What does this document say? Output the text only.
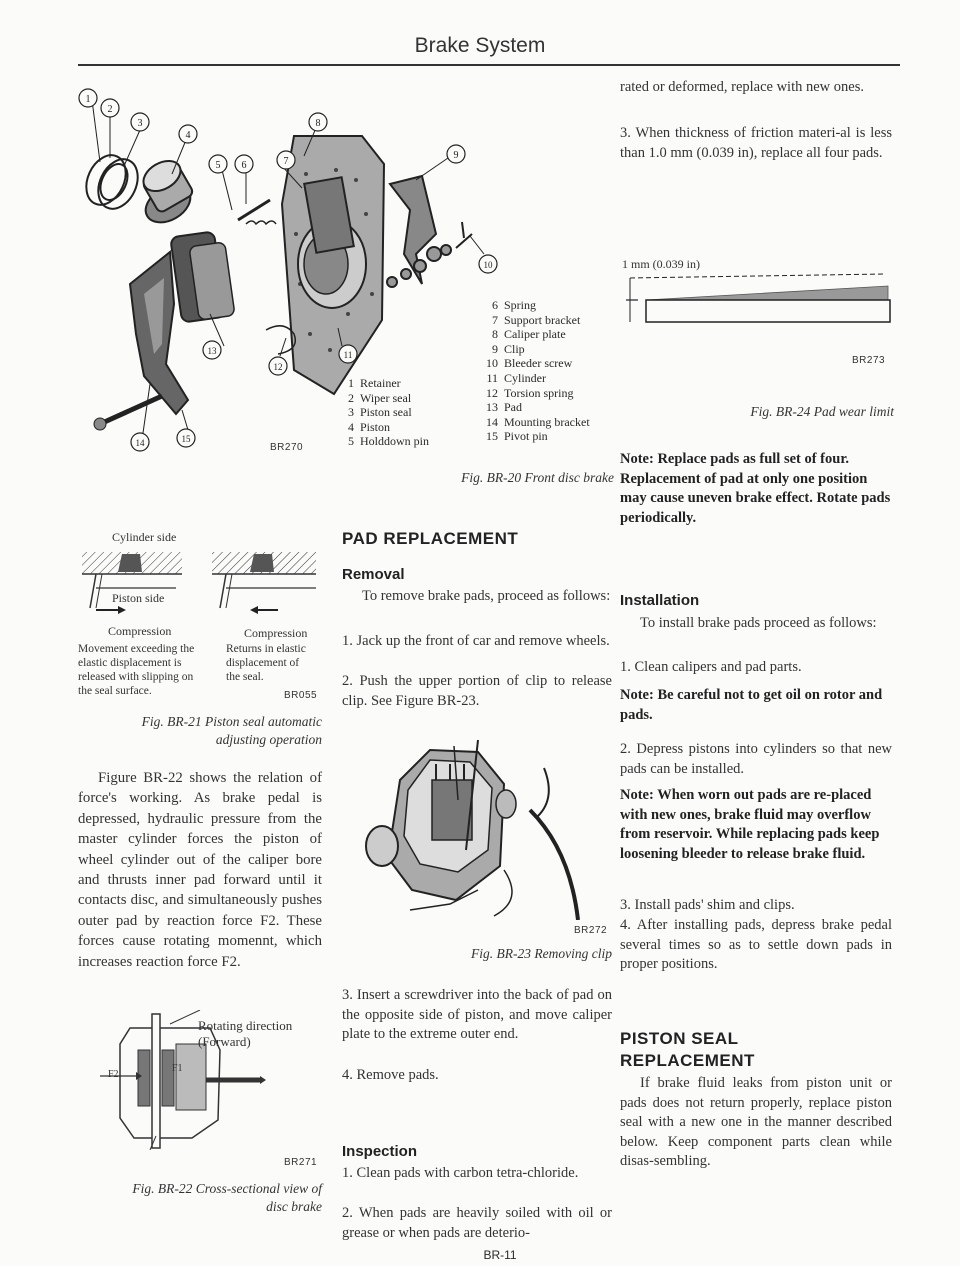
Brake System
1
2
3
4
5 6	7
8
9
10
11
12
13
14	15
BR270
1 Retainer
2 Wiper seal
3 Piston seal
4 Piston
5 Holddown pin
6 Spring
7 Support bracket
8 Caliper plate
9 Clip
10 Bleeder screw
11 Cylinder
12 Torsion spring
13 Pad
14 Mounting bracket
15 Pivot pin
Fig. BR-20 Front disc brake
Cylinder side
Piston side
Compression	Compression
Movement exceeding the
elastic displacement is
released with slipping on
the seal surface.
Returns in elastic
displacement of
the seal.
BR055
Fig. BR-21 Piston seal automatic
adjusting operation
Figure BR-22 shows the relation of force's working. As brake pedal is depressed, hydraulic pressure from the master cylinder forces the piston of wheel cylinder out of the caliper bore and thrusts inner pad forward until it contacts disc, and simultaneously pushes outer pad by reaction force F2. These forces cause rotating momennt, which increases reaction force F2.
Rotating direction
(Forward)
F2
F1
BR271
Fig. BR-22 Cross-sectional view of
disc brake
PAD REPLACEMENT
Removal
To remove brake pads, proceed as follows:
1. Jack up the front of car and remove wheels.
2. Push the upper portion of clip to release clip. See Figure BR-23.
BR272
Fig. BR-23 Removing clip
3. Insert a screwdriver into the back of pad on the opposite side of piston, and move caliper plate to the extreme outer end.
4. Remove pads.
Inspection
1. Clean pads with carbon tetra-chloride.
2. When pads are heavily soiled with oil or grease or when pads are deterio-
BR-11
rated or deformed, replace with new ones.
3. When thickness of friction materi-al is less than 1.0 mm (0.039 in), replace all four pads.
1 mm (0.039 in)
BR273
Fig. BR-24 Pad wear limit
Note: Replace pads as full set of four. Replacement of pad at only one position may cause uneven brake effect. Rotate pads periodically.
Installation
To install brake pads proceed as follows:
1. Clean calipers and pad parts.
Note: Be careful not to get oil on rotor and pads.
2. Depress pistons into cylinders so that new pads can be installed.
Note: When worn out pads are re-placed with new ones, brake fluid may overflow from reservoir. While replacing pads keep loosening bleeder to release brake fluid.
3. Install pads' shim and clips.
4. After installing pads, depress brake pedal several times so as to settle down pads in proper positions.
PISTON SEAL
REPLACEMENT
If brake fluid leaks from piston unit or pads does not return properly, replace piston seal with a new one in the manner described below. Keep component parts clean while disas-sembling.
